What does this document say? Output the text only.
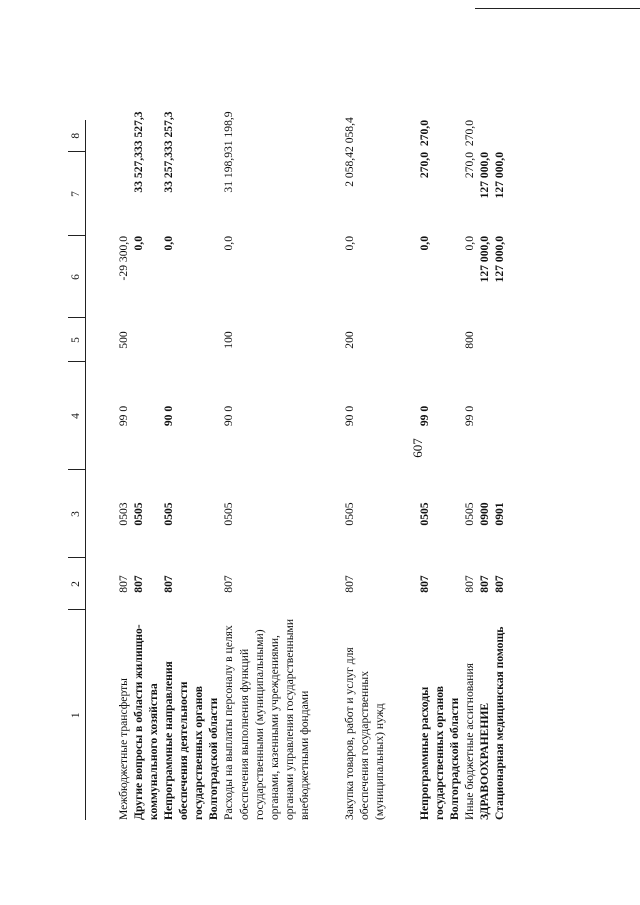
607
1	2	3	4	5	6	7	8

Межбюджетные трансферты	807	0503	99 0	500	-29 300,0		
Другие вопросы в области жилищно-коммунального хозяйства	807	0505			0,0	33 527,3	33 527,3
Непрограммные направления обеспечения деятельности государственных органов Волгоградской области	807	0505	90 0		0,0	33 257,3	33 257,3
Расходы на выплаты персоналу в целях обеспечения выполнения функций государственными (муниципальными) органами, казенными учреждениями, органами управления государственными внебюджетными фондами	807	0505	90 0	100	0,0	31 198,9	31 198,9

Закупка товаров, работ и услуг для обеспечения государственных (муниципальных) нужд	807	0505	90 0	200	0,0	2 058,4	2 058,4

Непрограммные расходы государственных органов Волгоградской области	807	0505	99 0		0,0	270,0	270,0
Иные бюджетные ассигнования	807	0505	99 0	800	0,0	270,0	270,0
ЗДРАВООХРАНЕНИЕ	807	0900			127 000,0	127 000,0	
Стационарная медицинская помощь	807	0901			127 000,0	127 000,0	
